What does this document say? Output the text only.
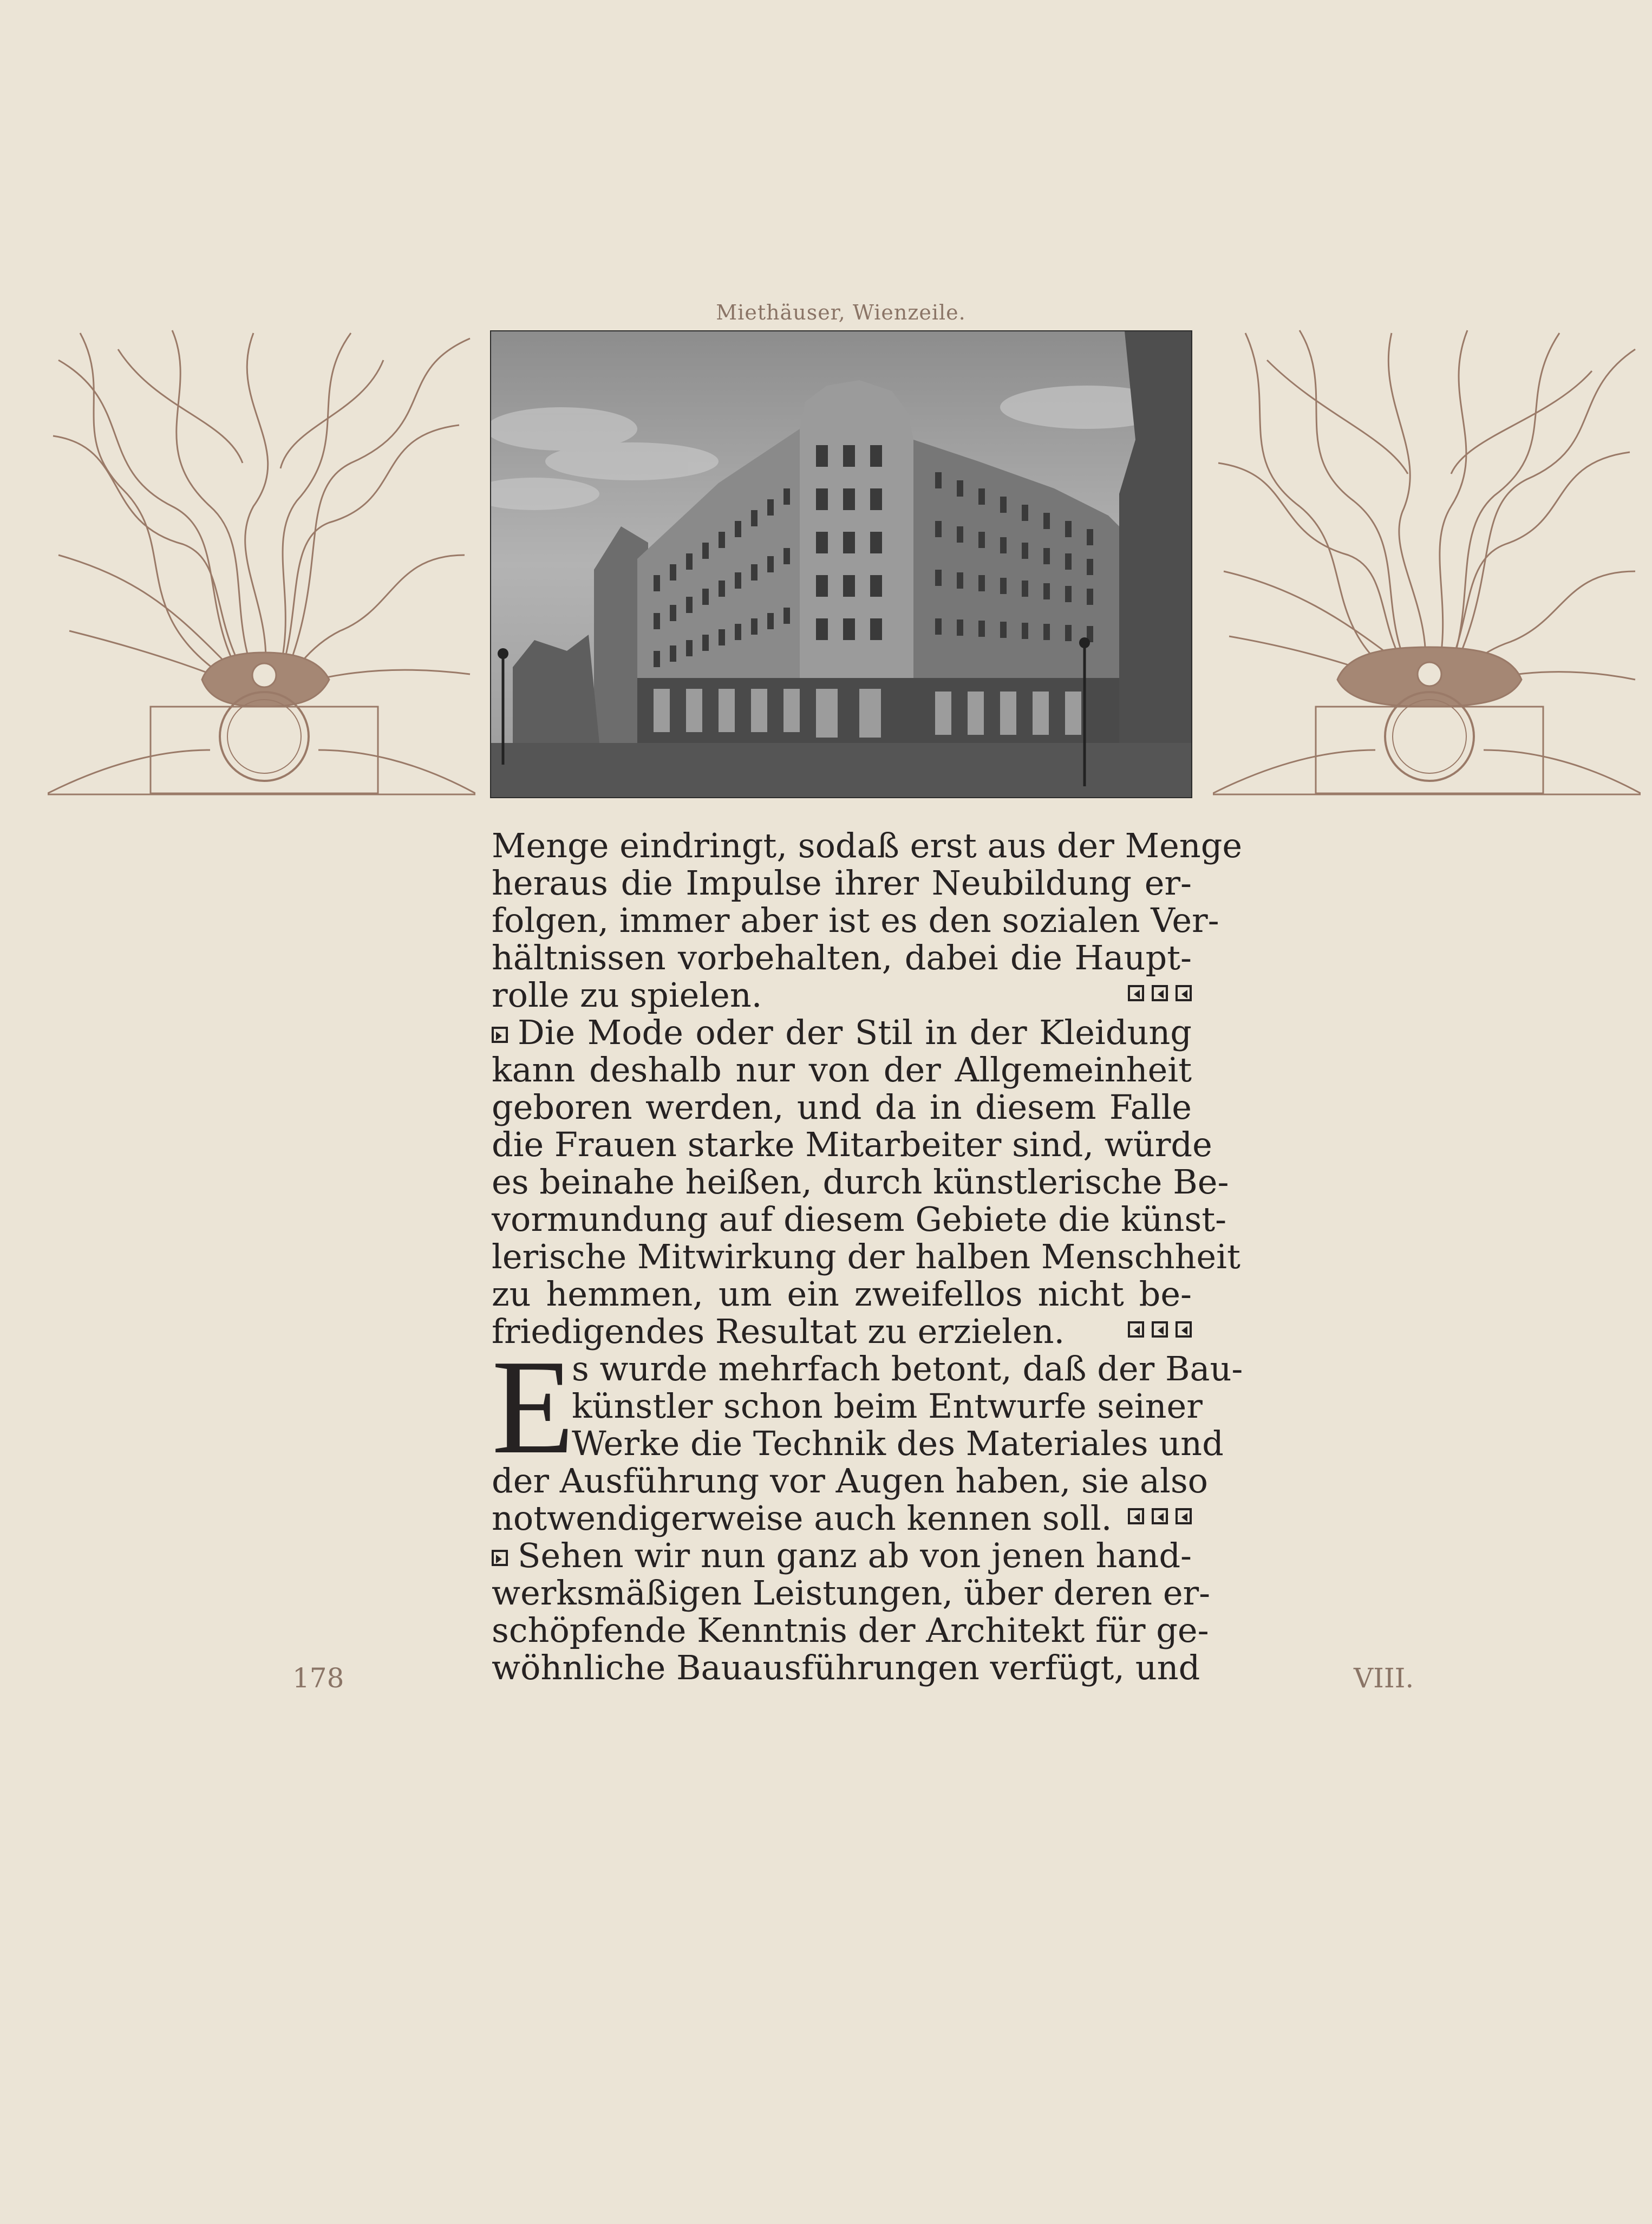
Miethäuser, Wienzeile.
Menge eindringt, sodaß erst aus der Menge
heraus die Impulse ihrer Neubildung er-
folgen, immer aber ist es den sozialen Ver-
hältnissen vorbehalten, dabei die Haupt-
rolle zu spielen.
Die Mode oder der Stil in der Kleidung
kann deshalb nur von der Allgemeinheit
geboren werden, und da in diesem Falle
die Frauen starke Mitarbeiter sind, würde
es beinahe heißen, durch künstlerische Be-
vormundung auf diesem Gebiete die künst-
lerische Mitwirkung der halben Menschheit
zu hemmen, um ein zweifellos nicht be-
friedigendes Resultat zu erzielen.
E
s wurde mehrfach betont, daß der Bau-
künstler schon beim Entwurfe seiner
Werke die Technik des Materiales und
der Ausführung vor Augen haben, sie also
notwendigerweise auch kennen soll.
Sehen wir nun ganz ab von jenen hand-
werksmäßigen Leistungen, über deren er-
schöpfende Kenntnis der Architekt für ge-
wöhnliche Bauausführungen verfügt, und
178	VIII.
